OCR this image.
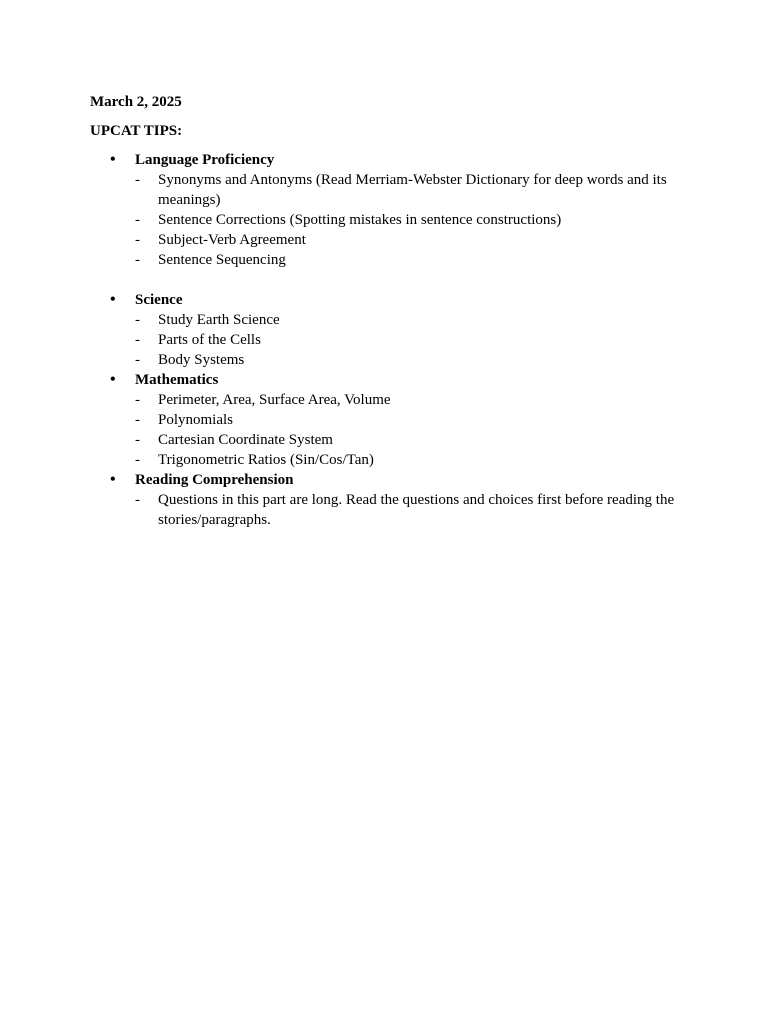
March 2, 2025

UPCAT TIPS:

• Language Proficiency
- Synonyms and Antonyms (Read Merriam-Webster Dictionary for deep words and its meanings)
- Sentence Corrections (Spotting mistakes in sentence constructions)
- Subject-Verb Agreement
- Sentence Sequencing
• Science
- Study Earth Science
- Parts of the Cells
- Body Systems
• Mathematics
- Perimeter, Area, Surface Area, Volume
- Polynomials
- Cartesian Coordinate System
- Trigonometric Ratios (Sin/Cos/Tan)
• Reading Comprehension
- Questions in this part are long. Read the questions and choices first before reading the stories/paragraphs.
